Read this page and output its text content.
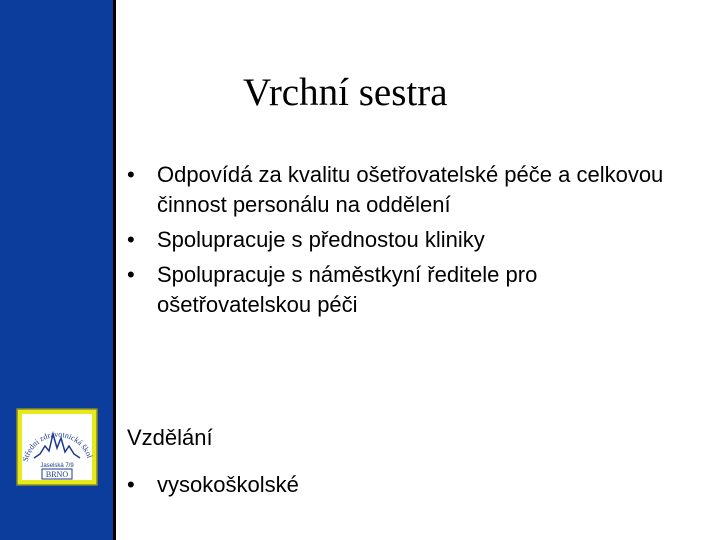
Vrchní sestra
• Odpovídá za kvalitu ošetřovatelské péče a celkovou činnost personálu na oddělení
• Spolupracuje s přednostou kliniky
• Spolupracuje s náměstkyní ředitele pro ošetřovatelskou péči
Vzdělání
• vysokoškolské
Střední zdravotnická škol
Jaselská 7/9
BRNO
